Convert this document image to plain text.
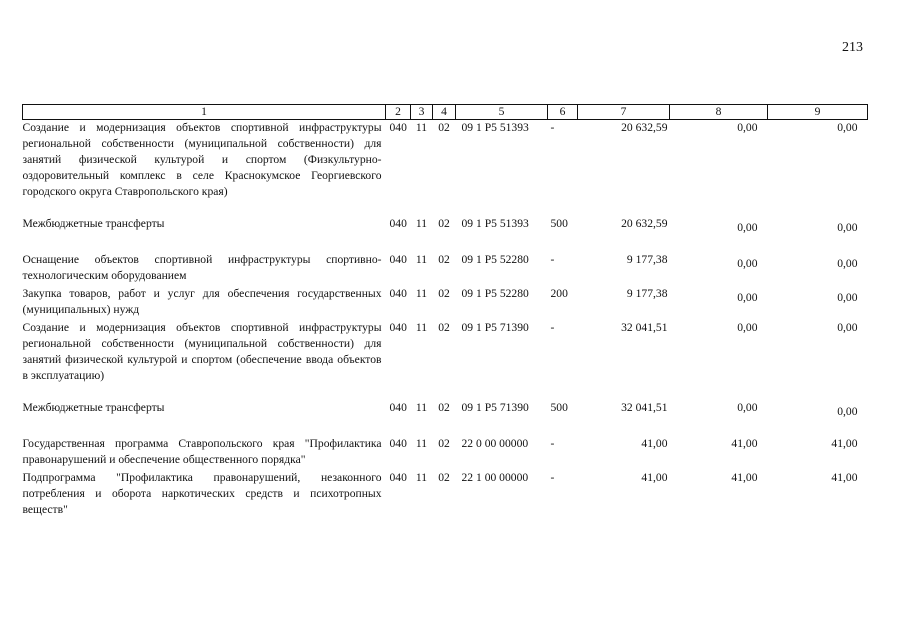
213
1	2	3	4	5	6	7	8	9
Создание и модернизация объектов спортивной инфраструктуры региональной собственности (муниципальной собственности) для занятий физической культурой и спортом (Физкультурно-оздоровительный комплекс в селе Краснокумское Георгиевского городского округа Ставропольского края)	040	11	02	09 1 Р5 51393	-	20 632,59	0,00	0,00
Межбюджетные трансферты	040	11	02	09 1 Р5 51393	500	20 632,59	0,00	0,00
Оснащение объектов спортивной инфраструктуры спортивно-технологическим оборудованием	040	11	02	09 1 Р5 52280	-	9 177,38	0,00	0,00
Закупка товаров, работ и услуг для обеспечения государственных (муниципальных) нужд	040	11	02	09 1 Р5 52280	200	9 177,38	0,00	0,00
Создание и модернизация объектов спортивной инфраструктуры региональной собственности (муниципальной собственности) для занятий физической культурой и спортом (обеспечение ввода объектов в эксплуатацию)	040	11	02	09 1 Р5 71390	-	32 041,51	0,00	0,00
Межбюджетные трансферты	040	11	02	09 1 Р5 71390	500	32 041,51	0,00	0,00
Государственная программа Ставропольского края "Профилактика правонарушений и обеспечение общественного порядка"	040	11	02	22 0 00 00000	-	41,00	41,00	41,00
Подпрограмма "Профилактика правонарушений, незаконного потребления и оборота наркотических средств и психотропных веществ"	040	11	02	22 1 00 00000	-	41,00	41,00	41,00
